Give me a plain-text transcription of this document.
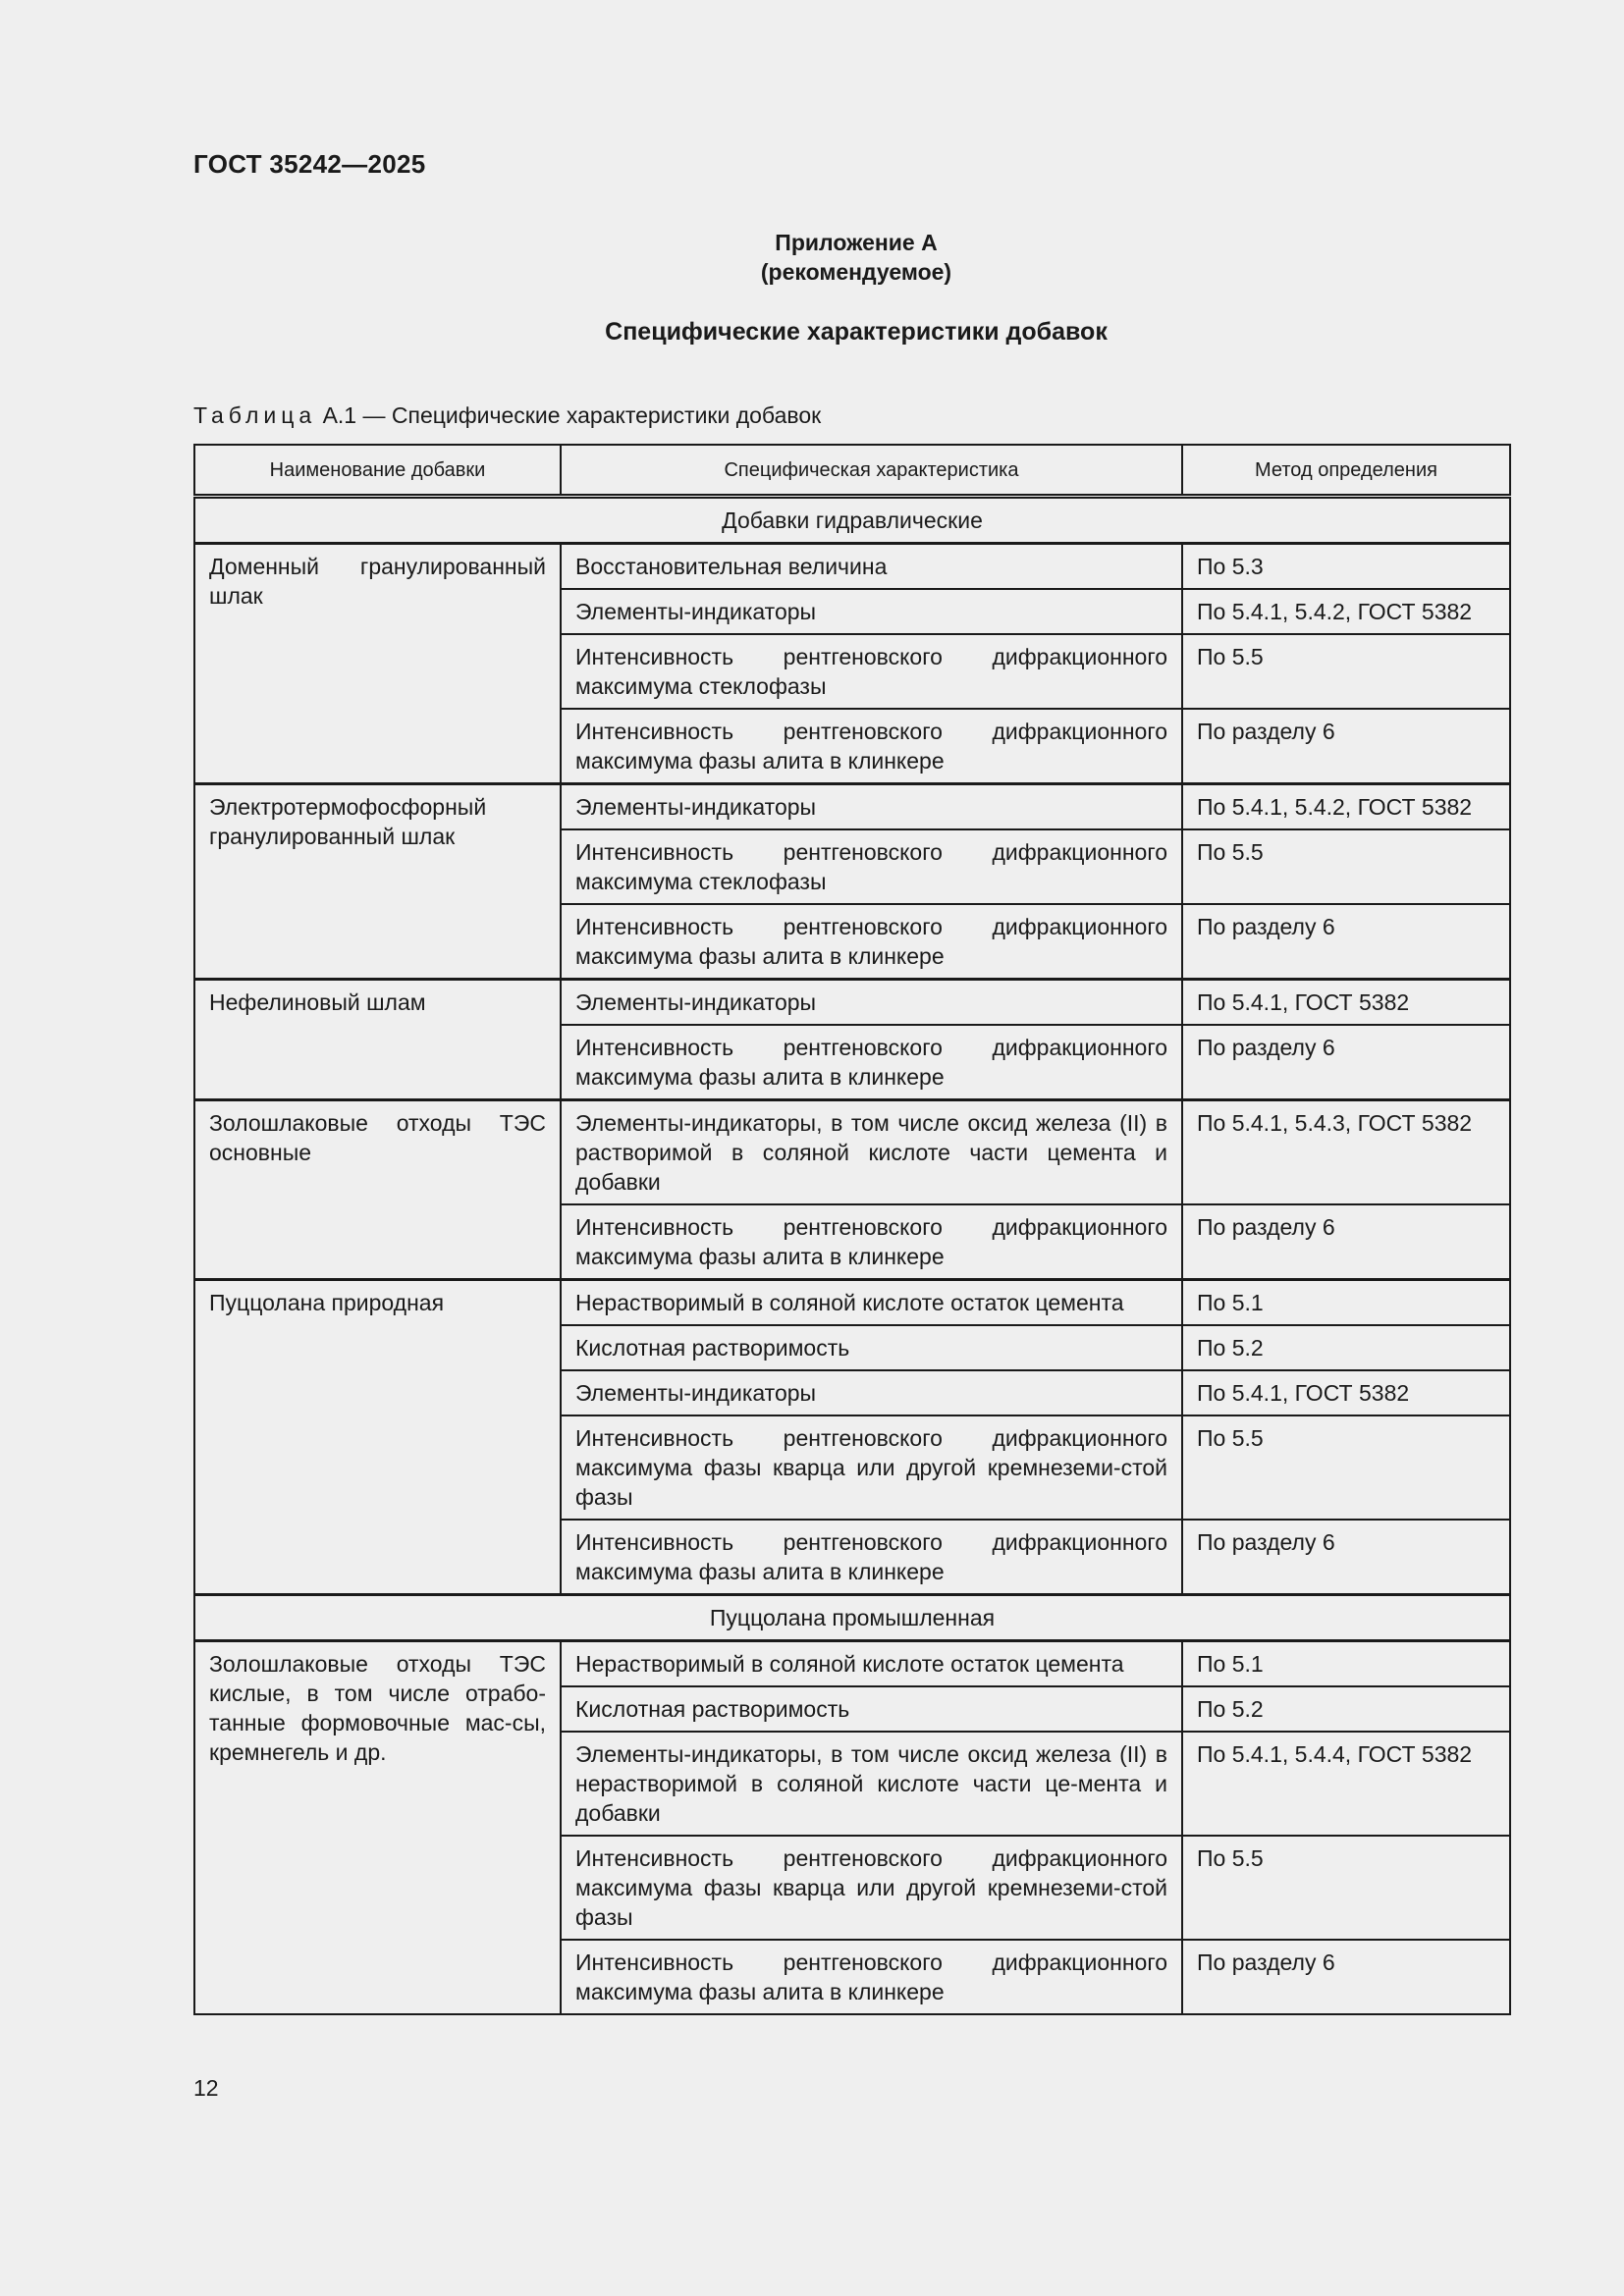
ГОСТ 35242—2025
Приложение А
(рекомендуемое)
Специфические характеристики добавок
Таблица А.1 — Специфические характеристики добавок
Наименование добавки	Специфическая характеристика	Метод определения
Добавки гидравлические		
Доменный гранулированный шлак	Восстановительная величина	По 5.3
	Элементы-индикаторы	По 5.4.1, 5.4.2, ГОСТ 5382
	Интенсивность рентгеновского дифракционного максимума стеклофазы	По 5.5
	Интенсивность рентгеновского дифракционного максимума фазы алита в клинкере	По разделу 6
Электротермофосфорный гранулированный шлак	Элементы-индикаторы	По 5.4.1, 5.4.2, ГОСТ 5382
	Интенсивность рентгеновского дифракционного максимума стеклофазы	По 5.5
	Интенсивность рентгеновского дифракционного максимума фазы алита в клинкере	По разделу 6
Нефелиновый шлам	Элементы-индикаторы	По 5.4.1, ГОСТ 5382
	Интенсивность рентгеновского дифракционного максимума фазы алита в клинкере	По разделу 6
Золошлаковые отходы ТЭС основные	Элементы-индикаторы, в том числе оксид железа (II) в растворимой в соляной кислоте части цемента и добавки	По 5.4.1, 5.4.3, ГОСТ 5382
	Интенсивность рентгеновского дифракционного максимума фазы алита в клинкере	По разделу 6
Пуццолана природная	Нерастворимый в соляной кислоте остаток цемента	По 5.1
	Кислотная растворимость	По 5.2
	Элементы-индикаторы	По 5.4.1, ГОСТ 5382
	Интенсивность рентгеновского дифракционного максимума фазы кварца или другой кремнеземи-стой фазы	По 5.5
	Интенсивность рентгеновского дифракционного максимума фазы алита в клинкере	По разделу 6
Пуццолана промышленная		
Золошлаковые отходы ТЭС кислые, в том числе отрабо-танные формовочные мас-сы, кремнегель и др.	Нерастворимый в соляной кислоте остаток цемента	По 5.1
	Кислотная растворимость	По 5.2
	Элементы-индикаторы, в том числе оксид железа (II) в нерастворимой в соляной кислоте части це-мента и добавки	По 5.4.1, 5.4.4, ГОСТ 5382
	Интенсивность рентгеновского дифракционного максимума фазы кварца или другой кремнеземи-стой фазы	По 5.5
	Интенсивность рентгеновского дифракционного максимума фазы алита в клинкере	По разделу 6
12
